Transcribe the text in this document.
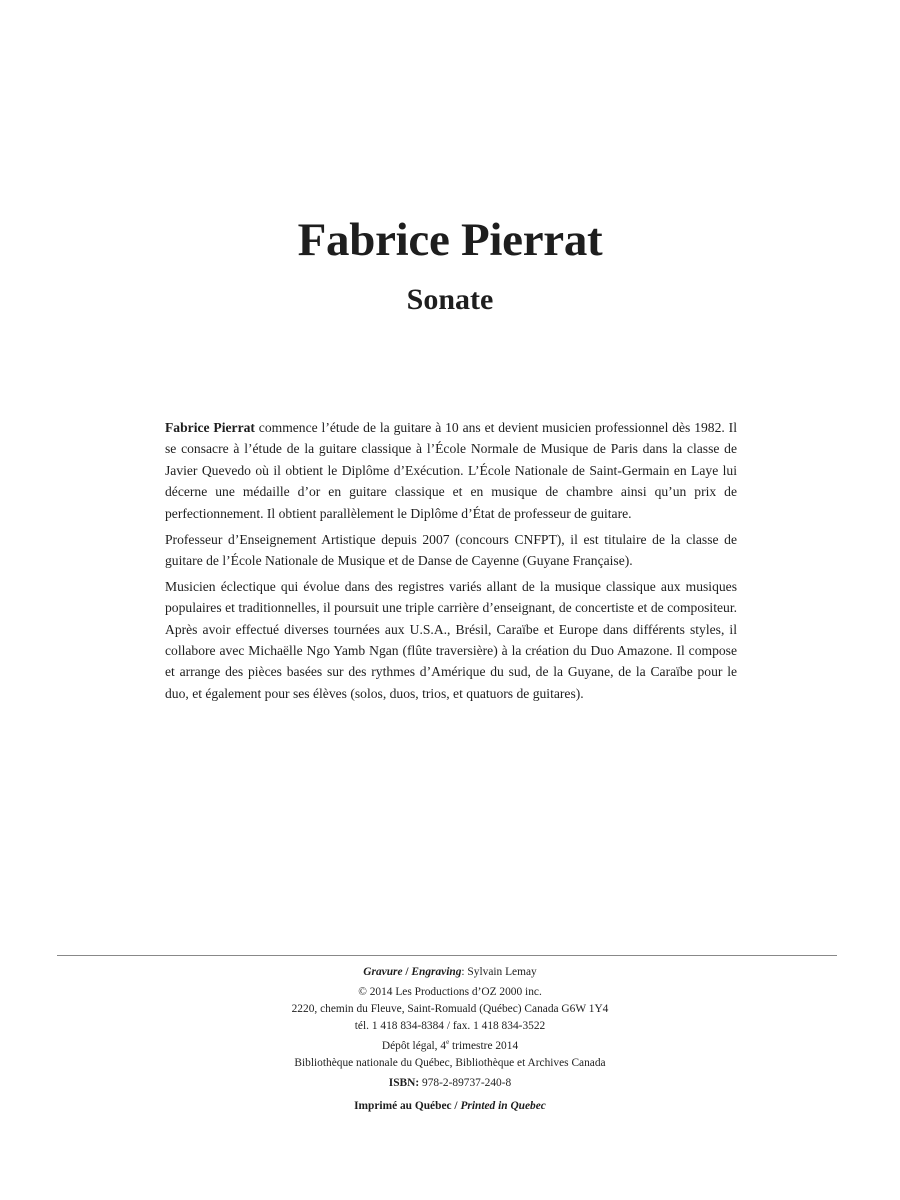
Fabrice Pierrat
Sonate

Fabrice Pierrat commence l’étude de la guitare à 10 ans et devient musicien professionnel dès 1982. Il se consacre à l’étude de la guitare classique à l’École Normale de Musique de Paris dans la classe de Javier Quevedo où il obtient le Diplôme d’Exécution. L’École Nationale de Saint-Germain en Laye lui décerne une médaille d’or en guitare classique et en musique de chambre ainsi qu’un prix de perfectionnement. Il obtient parallèlement le Diplôme d’État de professeur de guitare.

Professeur d’Enseignement Artistique depuis 2007 (concours CNFPT), il est titulaire de la classe de guitare de l’École Nationale de Musique et de Danse de Cayenne (Guyane Française).

Musicien éclectique qui évolue dans des registres variés allant de la musique classique aux musiques populaires et traditionnelles, il poursuit une triple carrière d’enseignant, de concertiste et de compositeur. Après avoir effectué diverses tournées aux U.S.A., Brésil, Caraïbe et Europe dans différents styles, il collabore avec Michaëlle Ngo Yamb Ngan (flûte traversière) à la création du Duo Amazone. Il compose et arrange des pièces basées sur des rythmes d’Amérique du sud, de la Guyane, de la Caraïbe pour le duo, et également pour ses élèves (solos, duos, trios, et quatuors de guitares).

Gravure / Engraving: Sylvain Lemay
© 2014 Les Productions d’OZ 2000 inc.
2220, chemin du Fleuve, Saint-Romuald (Québec) Canada G6W 1Y4
tél. 1 418 834-8384 / fax. 1 418 834-3522
Dépôt légal, 4e trimestre 2014
Bibliothèque nationale du Québec, Bibliothèque et Archives Canada
ISBN: 978-2-89737-240-8
Imprimé au Québec / Printed in Quebec
